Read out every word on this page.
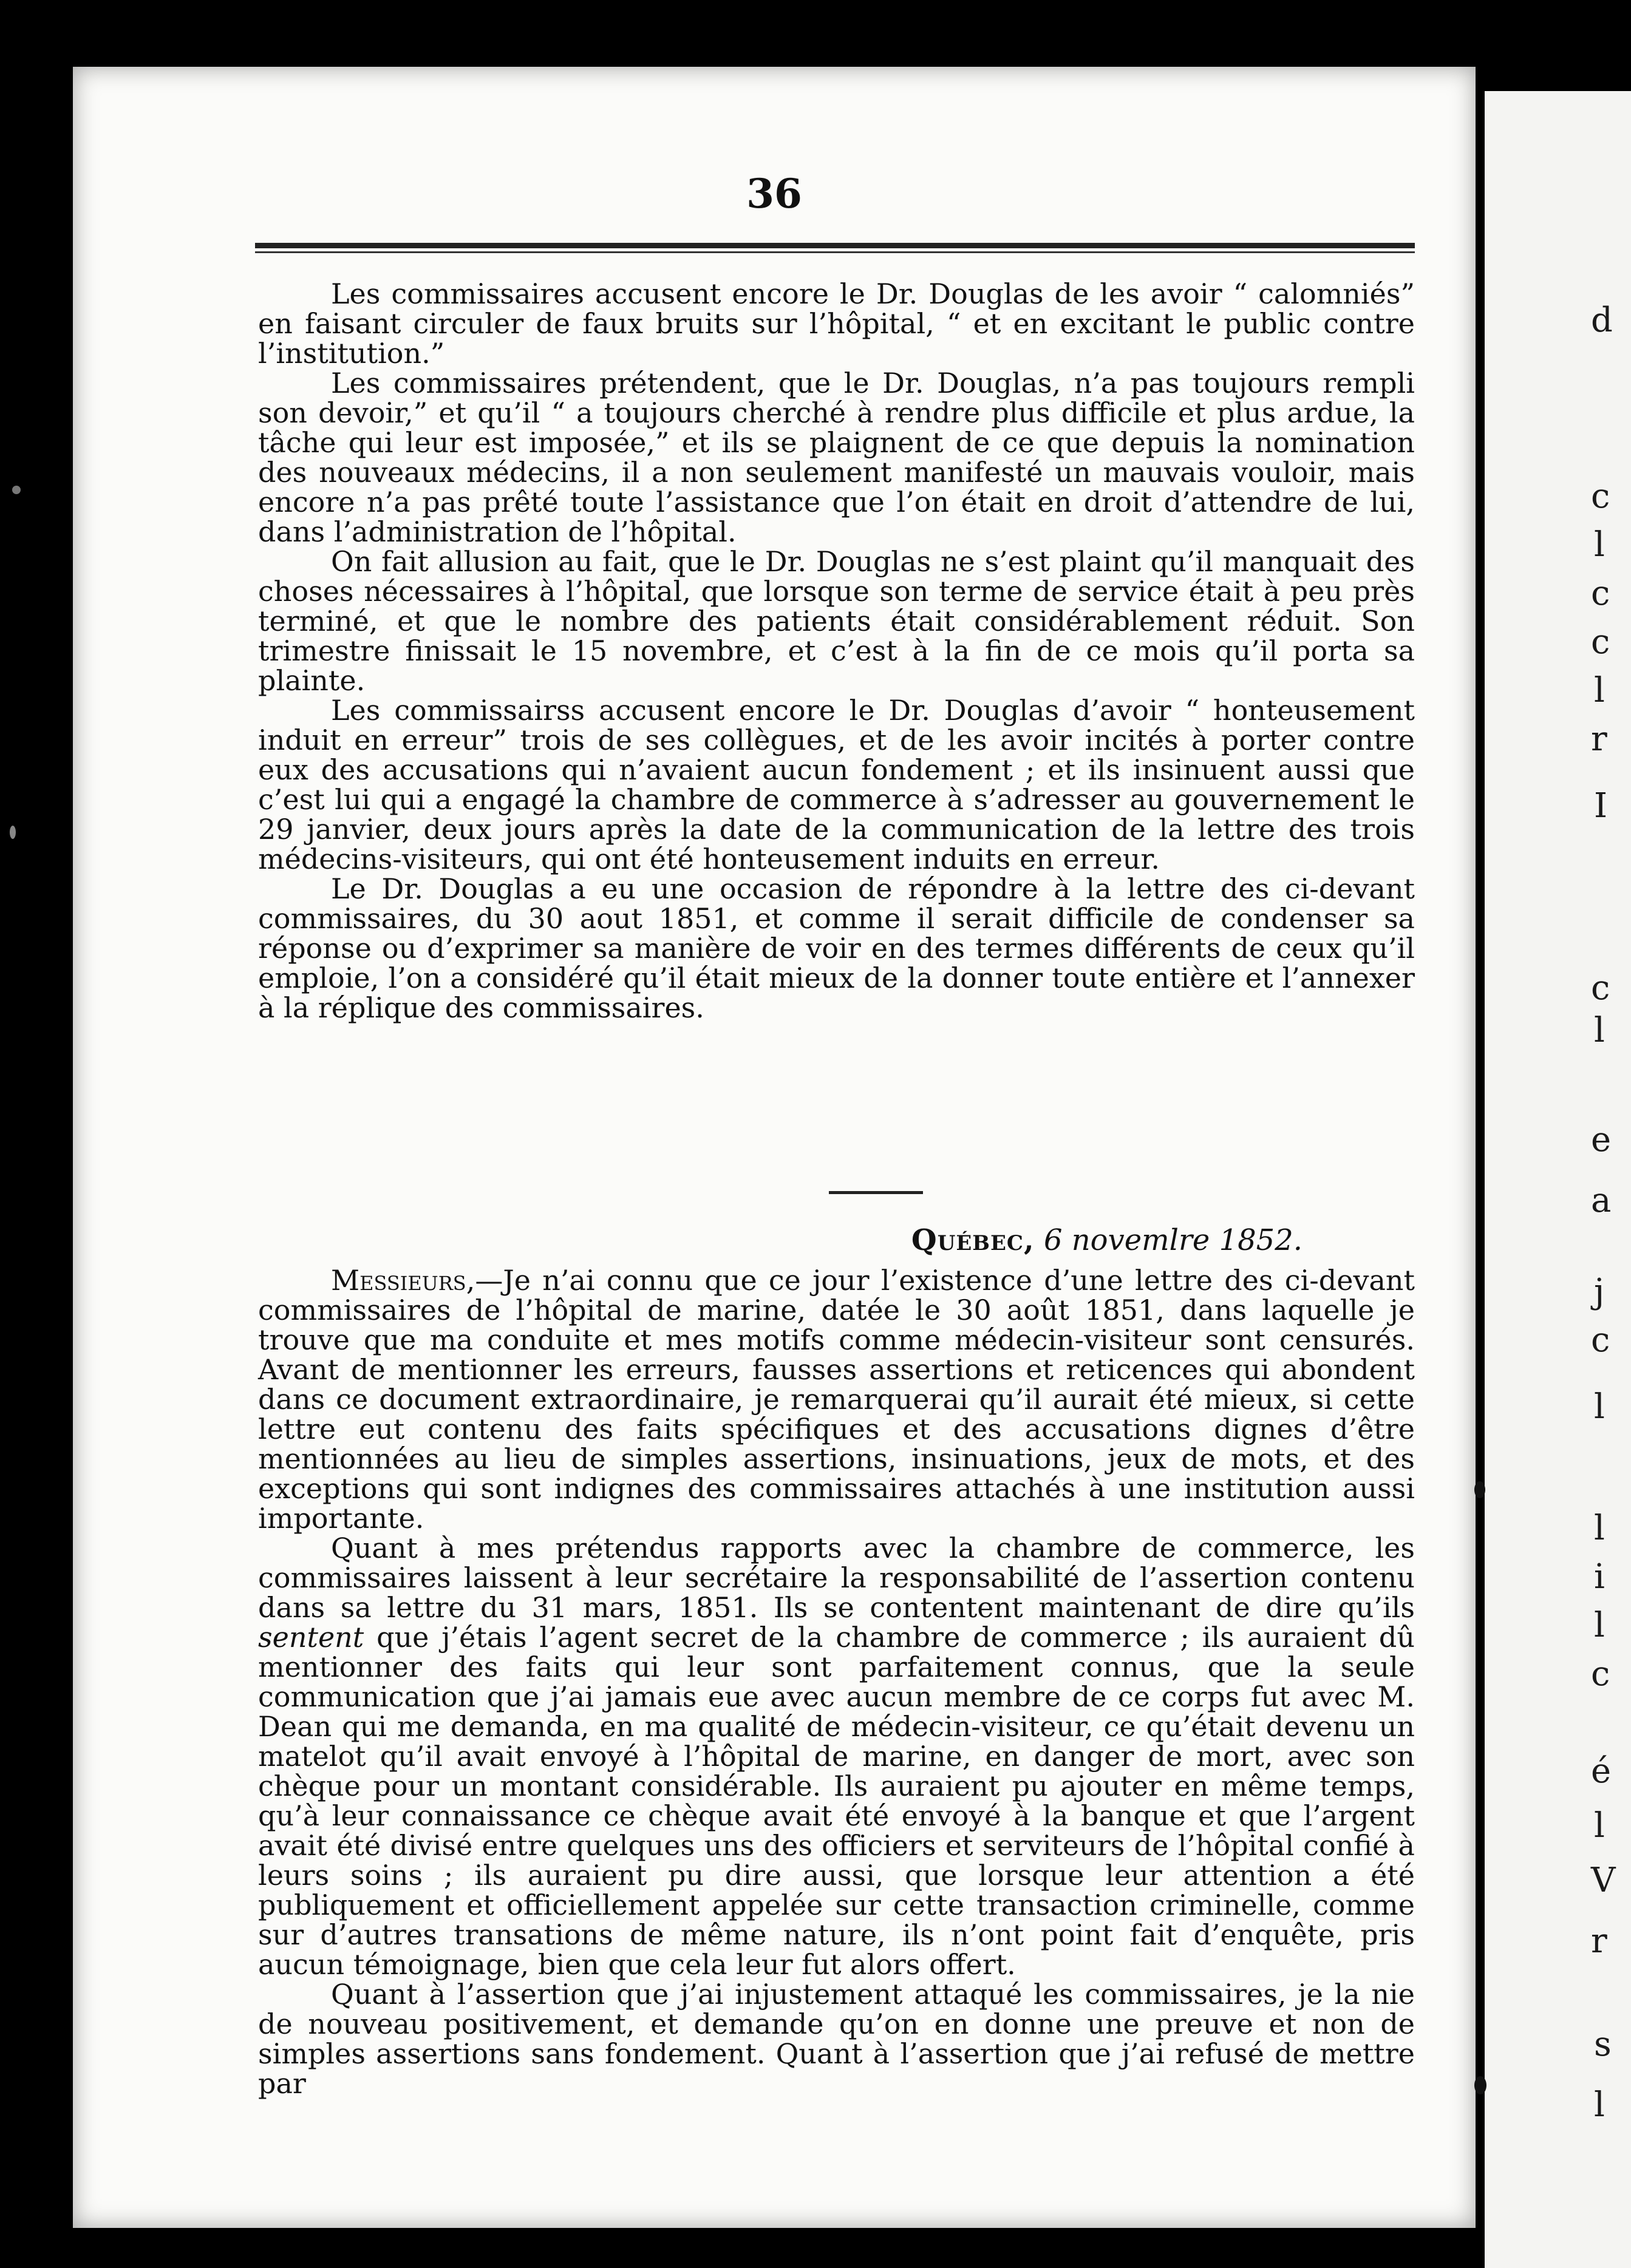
36

Les commissaires accusent encore le Dr. Douglas de les avoir “ calomniés” en faisant circuler de faux bruits sur l’hôpital, “ et en excitant le public contre l’institution.”

Les commissaires prétendent, que le Dr. Douglas, n’a pas toujours rempli son devoir,” et qu’il “ a toujours cherché à rendre plus difficile et plus ardue, la tâche qui leur est imposée,” et ils se plaignent de ce que depuis la nomination des nouveaux médecins, il a non seulement manifesté un mauvais vouloir, mais encore n’a pas prêté toute l’assistance que l’on était en droit d’attendre de lui, dans l’administration de l’hôpital.

On fait allusion au fait, que le Dr. Douglas ne s’est plaint qu’il manquait des choses nécessaires à l’hôpital, que lorsque son terme de service était à peu près terminé, et que le nombre des patients était considérablement réduit. Son trimestre finissait le 15 novembre, et c’est à la fin de ce mois qu’il porta sa plainte.

Les commissairss accusent encore le Dr. Douglas d’avoir “ honteusement induit en erreur” trois de ses collègues, et de les avoir incités à porter contre eux des accusations qui n’avaient aucun fondement ; et ils insinuent aussi que c’est lui qui a engagé la chambre de commerce à s’adresser au gouvernement le 29 janvier, deux jours après la date de la communication de la lettre des trois médecins-visiteurs, qui ont été honteusement induits en erreur.

Le Dr. Douglas a eu une occasion de répondre à la lettre des ci-devant commissaires, du 30 aout 1851, et comme il serait difficile de condenser sa réponse ou d’exprimer sa manière de voir en des termes différents de ceux qu’il emploie, l’on a considéré qu’il était mieux de la donner toute entière et l’annexer à la réplique des commissaires.

Québec, 6 novemlre 1852.

Messieurs,—Je n’ai connu que ce jour l’existence d’une lettre des ci-devant commissaires de l’hôpital de marine, datée le 30 août 1851, dans laquelle je trouve que ma conduite et mes motifs comme médecin-visiteur sont censurés. Avant de mentionner les erreurs, fausses assertions et reticences qui abondent dans ce document extraordinaire, je remarquerai qu’il aurait été mieux, si cette lettre eut contenu des faits spécifiques et des accusations dignes d’être mentionnées au lieu de simples assertions, insinuations, jeux de mots, et des exceptions qui sont indignes des commissaires attachés à une institution aussi importante.

Quant à mes prétendus rapports avec la chambre de commerce, les commissaires laissent à leur secrétaire la responsabilité de l’assertion contenu dans sa lettre du 31 mars, 1851. Ils se contentent maintenant de dire qu’ils sentent que j’étais l’agent secret de la chambre de commerce ; ils auraient dû mentionner des faits qui leur sont parfaitement connus, que la seule communication que j’ai jamais eue avec aucun membre de ce corps fut avec M. Dean qui me demanda, en ma qualité de médecin-visiteur, ce qu’était devenu un matelot qu’il avait envoyé à l’hôpital de marine, en danger de mort, avec son chèque pour un montant considérable. Ils auraient pu ajouter en même temps, qu’à leur connaissance ce chèque avait été envoyé à la banque et que l’argent avait été divisé entre quelques uns des officiers et serviteurs de l’hôpital confié à leurs soins ; ils auraient pu dire aussi, que lorsque leur attention a été publiquement et officiellement appelée sur cette transaction criminelle, comme sur d’autres transations de même nature, ils n’ont point fait d’enquête, pris aucun témoignage, bien que cela leur fut alors offert.

Quant à l’assertion que j’ai injustement attaqué les commissaires, je la nie de nouveau positivement, et demande qu’on en donne une preuve et non de simples assertions sans fondement. Quant à l’assertion que j’ai refusé de mettre par

d
c
l
c
c
l
r
I
c
l
e
a
j
c
l
l
i
l
c
é
l
V
r
s
l
